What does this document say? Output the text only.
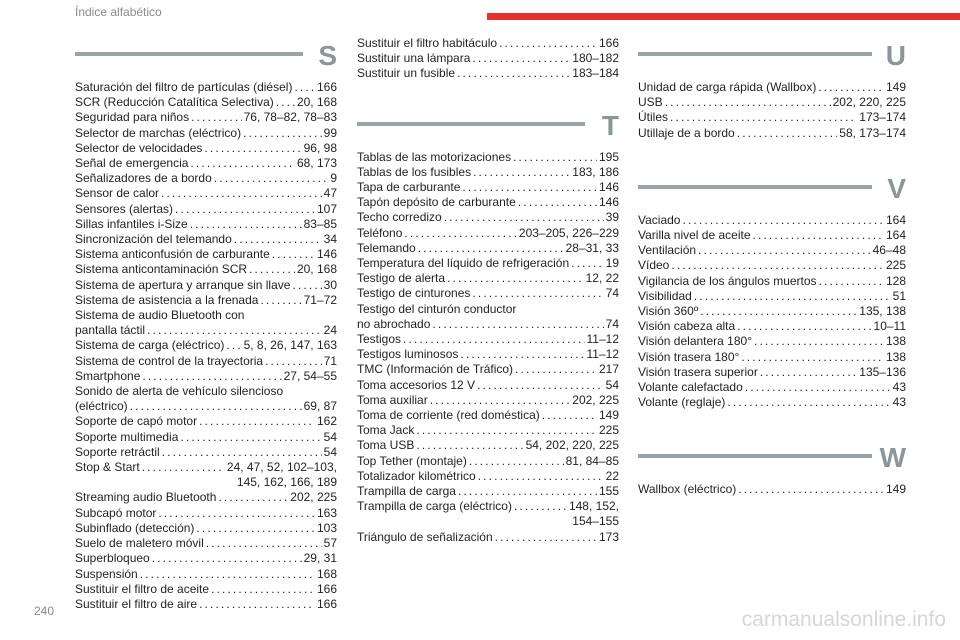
Índice alfabético
S
Saturación del filtro de partículas (diésel) . . . 166
SCR (Reducción Catalítica Selectiva) . . . 20, 168
Seguridad para niños . . .	76, 78–82, 78–83
Selector de marchas (eléctrico) . . .	99
Selector de velocidades . . .	96, 98
Señal de emergencia . . .	68, 173
Señalizadores de a bordo . . .	9
Sensor de calor . . .	47
Sensores (alertas) . . .	107
Sillas infantiles i-Size . . .	83–85
Sincronización del telemando . . .	34
Sistema anticonfusión de carburante . . .	146
Sistema anticontaminación SCR . . .	20, 168
Sistema de apertura y arranque sin llave . . .	30
Sistema de asistencia a la frenada . . .	71–72
Sistema de audio Bluetooth con
pantalla táctil . . .	24
Sistema de carga (eléctrico) . . . 5, 8, 26, 147, 163
Sistema de control de la trayectoria . . .	71
Smartphone . . .	27, 54–55
Sonido de alerta de vehículo silencioso
(eléctrico) . . .	69, 87
Soporte de capó motor . . .	162
Soporte multimedia . . .	54
Soporte retráctil . . .	54
Stop & Start . . .	24, 47, 52, 102–103,
145, 162, 166, 189
Streaming audio Bluetooth . . .	202, 225
Subcapó motor . . .	163
Subinflado (detección) . . .	103
Suelo de maletero móvil . . .	57
Superbloqueo . . .	29, 31
Suspensión . . .	168
Sustituir el filtro de aceite . . .	166
Sustituir el filtro de aire . . .	166
Sustituir el filtro habitáculo . . .	166
Sustituir una lámpara . . .	180–182
Sustituir un fusible . . .	183–184
T
Tablas de las motorizaciones . . .	195
Tablas de los fusibles . . .	183, 186
Tapa de carburante . . .	146
Tapón depósito de carburante . . .	146
Techo corredizo . . .	39
Teléfono . . .	203–205, 226–229
Telemando . . .	28–31, 33
Temperatura del líquido de refrigeración . . .	19
Testigo de alerta . . .	12, 22
Testigo de cinturones . . .	74
Testigo del cinturón conductor
no abrochado . . .	74
Testigos . . .	11–12
Testigos luminosos . . .	11–12
TMC (Información de Tráfico) . . .	217
Toma accesorios 12 V . . .	54
Toma auxiliar . . .	202, 225
Toma de corriente (red doméstica) . . .	149
Toma Jack . . .	225
Toma USB . . .	54, 202, 220, 225
Top Tether (montaje) . . .	81, 84–85
Totalizador kilométrico . . .	22
Trampilla de carga . . .	155
Trampilla de carga (eléctrico) . . .	148, 152,
154–155
Triángulo de señalización . . .	173
U
Unidad de carga rápida (Wallbox) . . .	149
USB . . .	202, 220, 225
Útiles . . .	173–174
Utillaje de a bordo . . .	58, 173–174
V
Vaciado . . .	164
Varilla nivel de aceite . . .	164
Ventilación . . .	46–48
Vídeo . . .	225
Vigilancia de los ángulos muertos . . .	128
Visibilidad . . .	51
Visión 360º . . .	135, 138
Visión cabeza alta . . .	10–11
Visión delantera 180° . . .	138
Visión trasera 180° . . .	138
Visión trasera superior . . .	135–136
Volante calefactado . . .	43
Volante (reglaje) . . .	43
W
Wallbox (eléctrico) . . .	149
240	carmanualsonline.info
